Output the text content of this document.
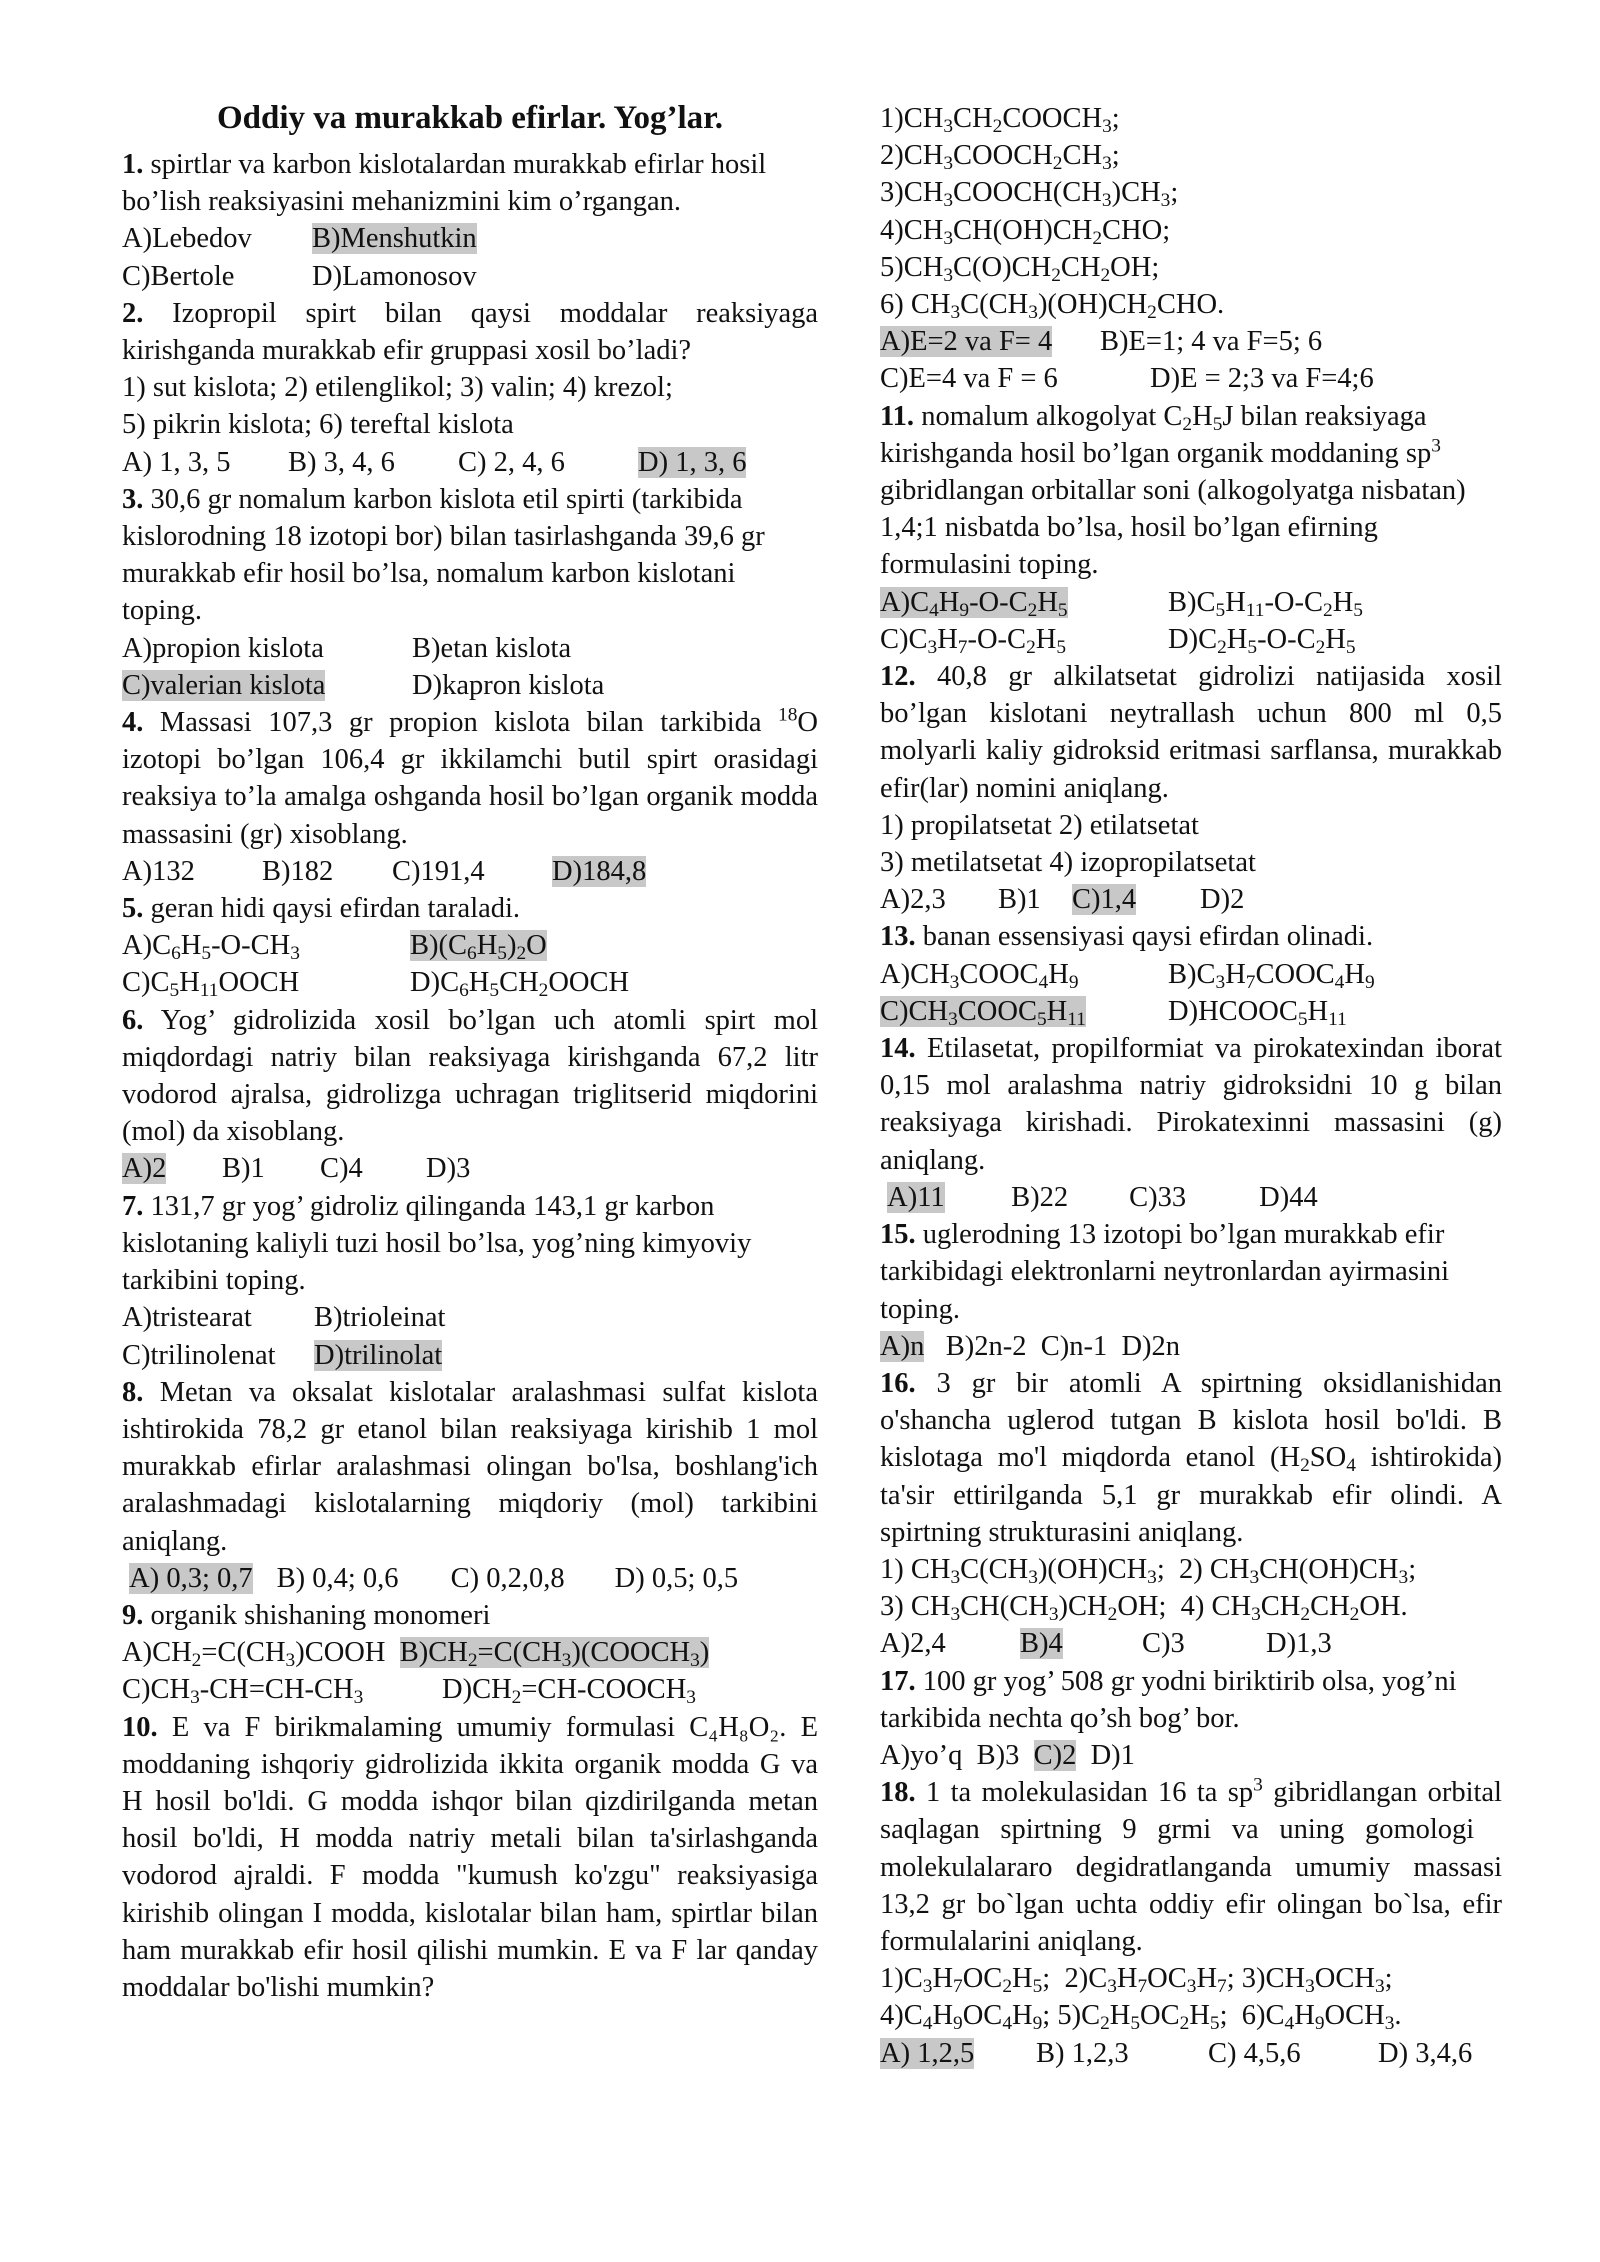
Oddiy va murakkab efirlar. Yog’lar.

1. spirtlar va karbon kislotalardan murakkab efirlar hosil bo’lish reaksiyasini mehanizmini kim o’rgangan.

A)Lebedov B)Menshutkin

C)Bertole	D)Lamonosov

2. Izopropil spirt bilan qaysi moddalar reaksiyaga kirishganda murakkab efir gruppasi xosil bo’ladi?

1) sut kislota; 2) etilenglikol; 3) valin; 4) krezol;

5) pikrin kislota; 6) tereftal kislota

A) 1, 3, 5 B) 3, 4, 6 C) 2, 4, 6	D) 1, 3, 6

3. 30,6 gr nomalum karbon kislota etil spirti (tarkibida kislorodning 18 izotopi bor) bilan tasirlashganda 39,6 gr murakkab efir hosil bo’lsa, nomalum karbon kislotani toping.

A)propion kislota	B)etan kislota

C)valerian kislota	D)kapron kislota

4. Massasi 107,3 gr propion kislota bilan tarkibida $^{18}$O izotopi bo’lgan 106,4 gr ikkilamchi butil spirt orasidagi reaksiya to’la amalga oshganda hosil bo’lgan organik modda massasini (gr) xisoblang.

A)132 B)182 C)191,4 D)184,8

5. geran hidi qaysi efirdan taraladi.

$A)C_6H_5-O-CH_3$	$B)(C_6H_5)_2O$

$C)C_5H_{11}OOCH$	$D)C_6H_5CH_2OOCH$

6. Yog’ gidrolizida xosil bo’lgan uch atomli spirt mol miqdordagi natriy bilan reaksiyaga kirishganda 67,2 litr vodorod ajralsa, gidrolizga uchragan triglitserid miqdorini (mol) da xisoblang.

A)2 B)1 C)4 D)3

7. 131,7 gr yog’ gidroliz qilinganda 143,1 gr karbon kislotaning kaliyli tuzi hosil bo’lsa, yog’ning kimyoviy tarkibini toping.

A)tristearat B)trioleinat

C)trilinolenat D)trilinolat

8. Metan va oksalat kislotalar aralashmasi sulfat kislota ishtirokida 78,2 gr etanol bilan reaksiyaga kirishib 1 mol murakkab efirlar aralashmasi olingan bo'lsa, boshlang'ich aralashmadagi kislotalarning miqdoriy (mol) tarkibini aniqlang.

A) 0,3; 0,7 B) 0,4; 0,6 C) 0,2,0,8 D) 0,5; 0,5

9. organik shishaning monomeri

$A)CH_2=C(CH_3)COOH$ $B)CH_2=C(CH_3)(COOCH_3)$

$C)CH_3-CH=CH-CH_3$	$D)CH_2=CH-COOCH_3$

10. E va F birikmalaming umumiy formulasi C₄H₈O₂. E moddaning ishqoriy gidrolizida ikkita organik modda G va H hosil bo'ldi. G modda ishqor bilan qizdirilganda metan hosil bo'ldi, H modda natriy metali bilan ta'sirlashganda vodorod ajraldi. F modda "kumush ko'zgu" reaksiyasiga kirishib olingan I modda, kislotalar bilan ham, spirtlar bilan ham murakkab efir hosil qilishi mumkin. E va F lar qanday moddalar bo'lishi mumkin?

$1)CH_3CH_2COOCH_3$;

$2)CH_3COOCH_2CH_3$;

$3)CH_3COOCH(CH_3)CH_3$;

$4)CH_3CH(OH)CH_2CHO$;

$5)CH_3C(O)CH_2CH_2OH$;

6) $CH_3C(CH_3)(OH)CH_2CHO$.

A)E=2 va F= 4 B)E=1; 4 va F=5; 6

C)E=4 va F = 6	D)E = 2;3 va F=4;6

11. nomalum alkogolyat $C_2H_5J$ bilan reaksiyaga kirishganda hosil bo’lgan organik moddaning $sp^3$ gibridlangan orbitallar soni (alkogolyatga nisbatan) 1,4;1 nisbatda bo’lsa, hosil bo’lgan efirning formulasini toping.

$A)C_4H_9-O-C_2H_5$	$B)C_5H_{11}-O-C_2H_5$

$C)C_3H_7-O-C_2H_5$	$D)C_2H_5-O-C_2H_5$

12. 40,8 gr alkilatsetat gidrolizi natijasida xosil bo’lgan kislotani neytrallash uchun 800 ml 0,5 molyarli kaliy gidroksid eritmasi sarflansa, murakkab efir(lar) nomini aniqlang.

1) propilatsetat 2) etilatsetat

3) metilatsetat 4) izopropilatsetat

A)2,3 B)1 C)1,4 D)2

13. banan essensiyasi qaysi efirdan olinadi.

$A)CH_3COOC_4H_9$	$B)C_3H_7COOC_4H_9$

$C)CH_3COOC_5H_{11}$	$D)HCOOC_5H_{11}$

14. Etilasetat, propilformiat va pirokatexindan iborat 0,15 mol aralashma natriy gidroksidni 10 g bilan reaksiyaga kirishadi. Pirokatexinni massasini (g) aniqlang.

A)11 B)22 C)33	D)44

15. uglerodning 13 izotopi bo’lgan murakkab efir tarkibidagi elektronlarni neytronlardan ayirmasini toping.

A)n B)2n-2 C)n-1 D)2n

16. 3 gr bir atomli A spirtning oksidlanishidan o'shancha uglerod tutgan B kislota hosil bo'ldi. B kislotaga mo'l miqdorda etanol ($H_2SO_4$ ishtirokida) ta'sir ettirilganda 5,1 gr murakkab efir olindi. A spirtning strukturasini aniqlang.

1) $CH_3C(CH_3)(OH)CH_3$;  2) $CH_3CH(OH)CH_3$;

3) $CH_3CH(CH_3)CH_2OH$;  4) $CH_3CH_2CH_2OH$.

A)2,4	B)4	C)3	D)1,3

17. 100 gr yog’ 508 gr yodni biriktirib olsa, yog’ni tarkibida nechta qo’sh bog’ bor.

A)yo’q B)3 C)2 D)1

18. 1 ta molekulasidan 16 ta $sp^3$ gibridlangan orbital saqlagan spirtning 9 grmi va uning gomologi   molekulalararo degidratlanganda umumiy massasi 13,2 gr bo`lgan uchta oddiy efir olingan bo`lsa, efir formulalarini aniqlang.

$1)C_3H_7OC_2H_5$;  $2)C_3H_7OC_3H_7$; $3)CH_3OCH_3$;

$4)C_4H_9OC_4H_9$; $5)C_2H_5OC_2H_5$;  $6)C_4H_9OCH_3$.

A) 1,2,5 B) 1,2,3	C) 4,5,6	D) 3,4,6
